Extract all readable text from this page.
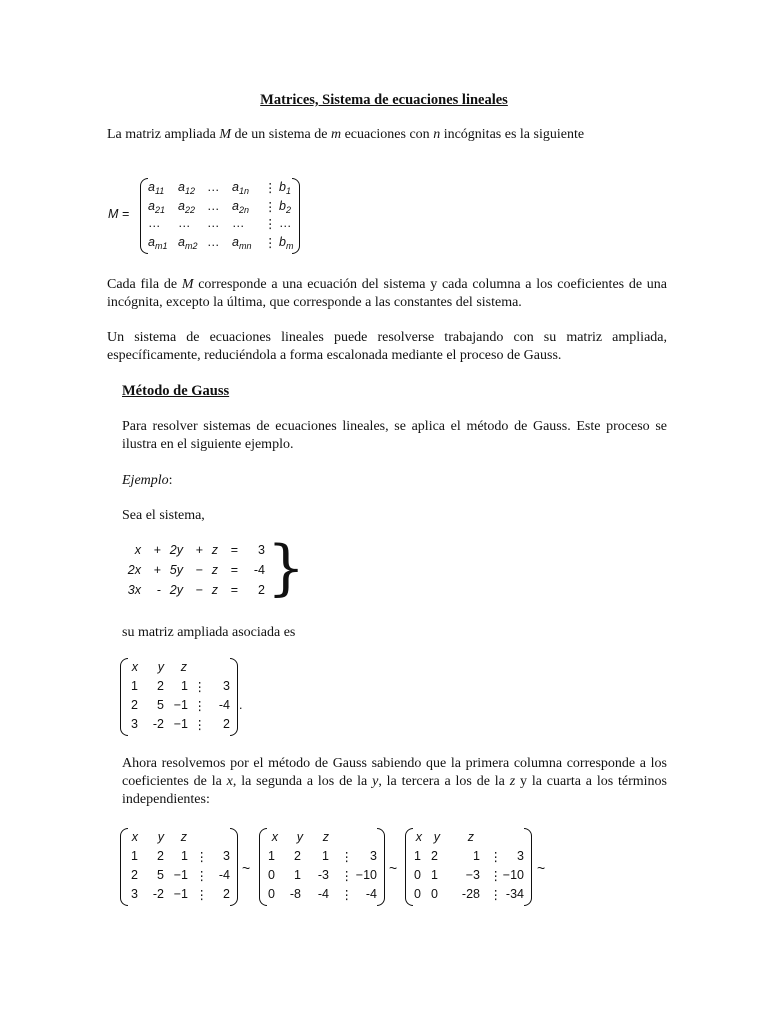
Matrices, Sistema de ecuaciones lineales
La matriz ampliada M de un sistema de m ecuaciones con n incógnitas es la siguiente
M =
$a_{11}$ $a_{12}$ … $a_{1n}$ ⋮ $b_1$
$a_{21}$ $a_{22}$ … $a_{2n}$ ⋮ $b_2$
… … … … ⋮ …
$a_{m1}$ $a_{m2}$ … $a_{mn}$ ⋮ $b_m$
Cada fila de M corresponde a una ecuación del sistema y cada columna a los coeficientes de una incógnita, excepto la última, que corresponde a las constantes del sistema.
Un sistema de ecuaciones lineales puede resolverse trabajando con su matriz ampliada, específicamente, reduciéndola a forma escalonada mediante el proceso de Gauss.
Método de Gauss
Para resolver sistemas de ecuaciones lineales, se aplica el método de Gauss. Este proceso se ilustra en el siguiente ejemplo.
Ejemplo:
Sea el sistema,
x + 2y + z = 3
2x + 5y − z = -4
3x - 2y − z = 2 }
su matriz ampliada asociada es
x y z
1 2 1 ⋮ 3
2 5 −1 ⋮ -4
3 -2 −1 ⋮ 2
.
Ahora resolvemos por el método de Gauss sabiendo que la primera columna corresponde a los coeficientes de la x, la segunda a los de la y, la tercera a los de la z y la cuarta a los términos independientes:
x y z
1 2 1 ⋮ 3
2 5 −1 ⋮ -4
3 -2 −1 ⋮ 2
~
x y z
1 2 1 ⋮ 3
0 1 -3 ⋮ −10
0 -8 -4 ⋮ -4
~
x y z
1 2	1 ⋮ 3
0 1 −3 ⋮ −10
0 0 -28 ⋮ -34
~
